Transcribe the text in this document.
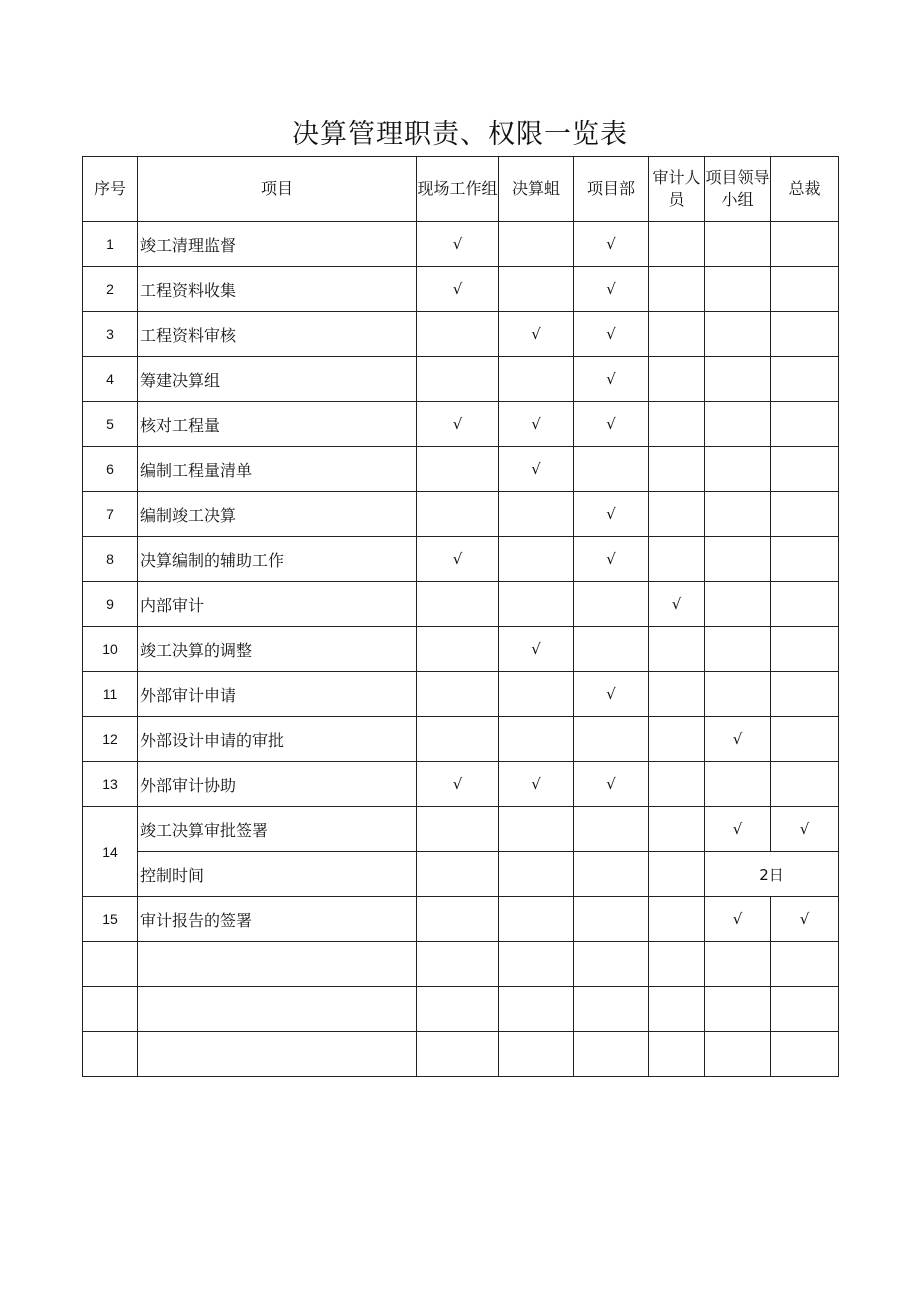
决算管理职责、权限一览表
序号	项目	现场工作组	决算蛆	项目部	审计人员	项目领导小组	总裁
1	竣工清理监督	√		√			
2	工程资料收集	√		√			
3	工程资料审核		√	√			
4	筹建决算组			√			
5	核对工程量	√	√	√			
6	编制工程量清单		√				
7	编制竣工决算			√			
8	决算编制的辅助工作	√		√			
9	内部审计				√		
10	竣工决算的调整		√				
11	外部审计申请			√			
12	外部设计申请的审批					√	
13	外部审计协助	√	√	√			
14	竣工决算审批签署					√	√
	控制时间					2日	
15	审计报告的签署					√	√
